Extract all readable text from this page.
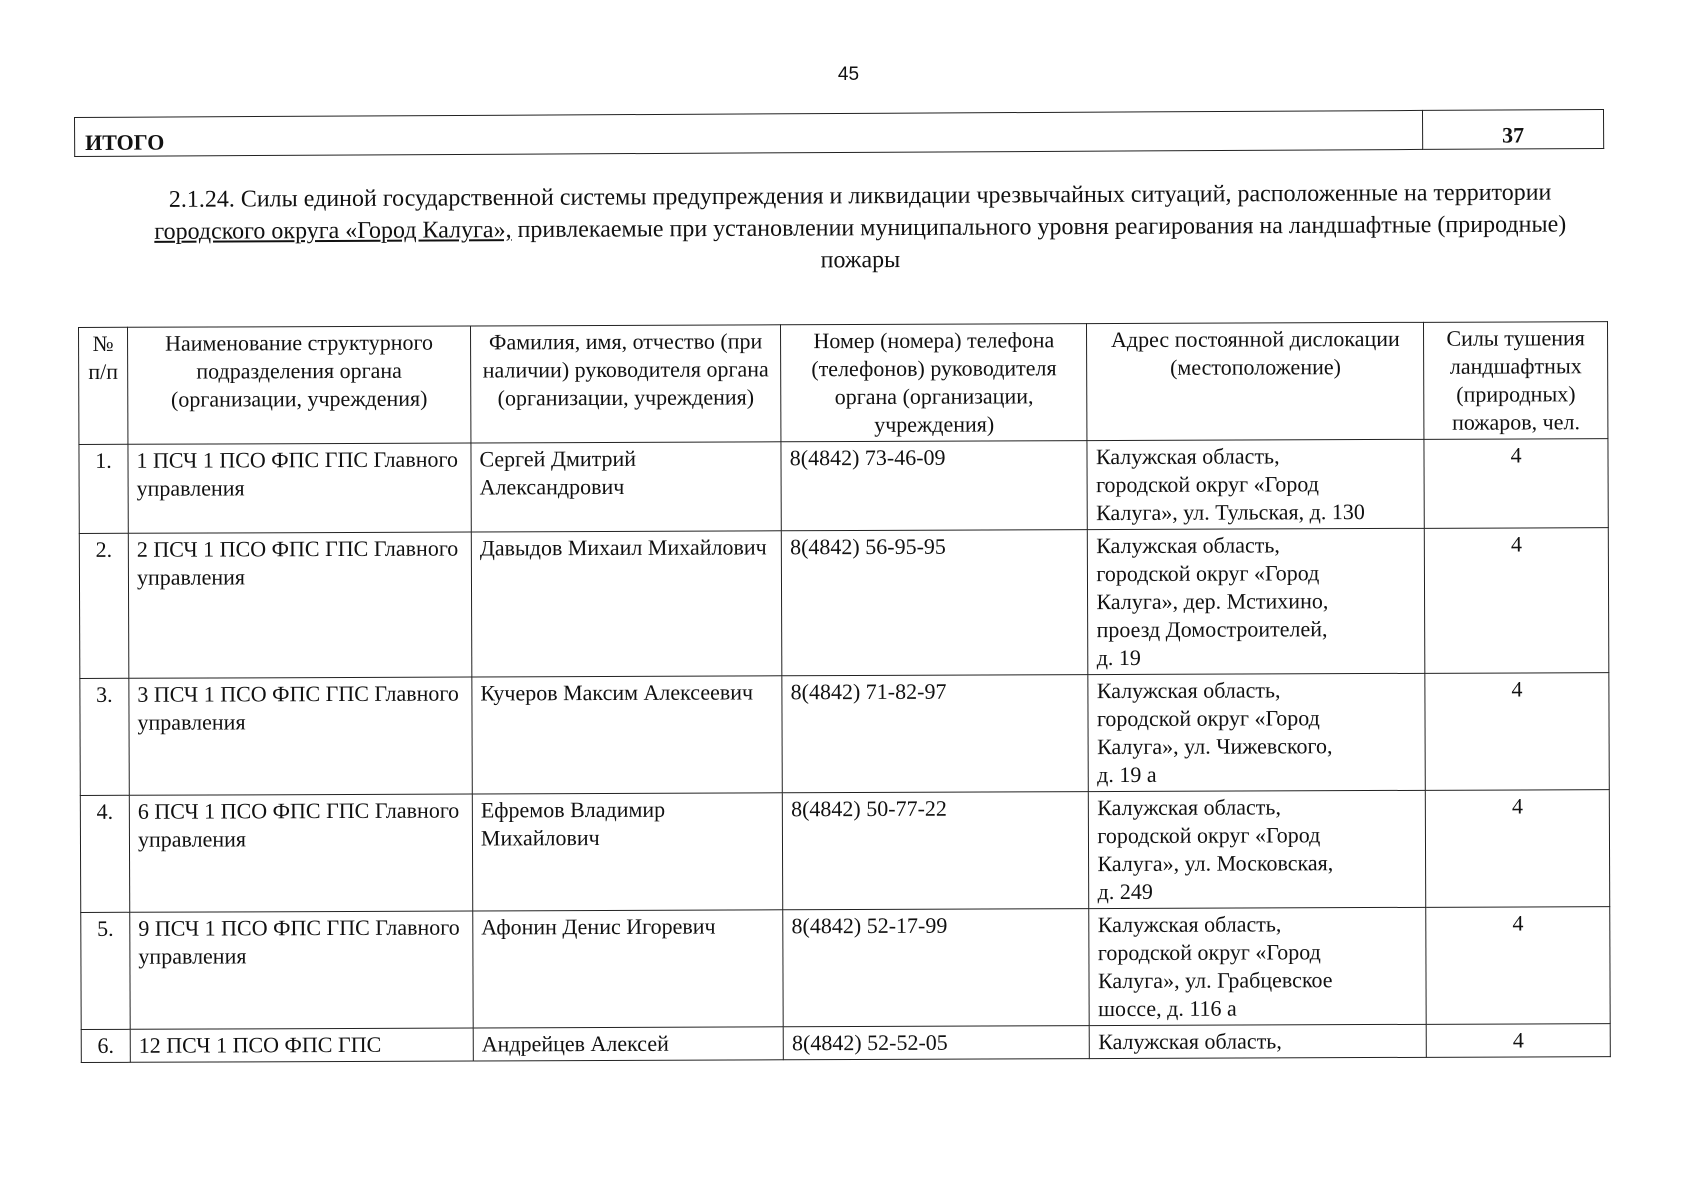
45
ИТОГО	37
2.1.24. Силы единой государственной системы предупреждения и ликвидации чрезвычайных ситуаций, расположенные на территории городского округа «Город Калуга», привлекаемые при установлении муниципального уровня реагирования на ландшафтные (природные) пожары
№ п/п	Наименование структурного подразделения органа (организации, учреждения)	Фамилия, имя, отчество (при наличии) руководителя органа (организации, учреждения)	Номер (номера) телефона (телефонов) руководителя органа (организации, учреждения)	Адрес постоянной дислокации (местоположение)	Силы тушения ландшафтных (природных) пожаров, чел.
1.	1 ПСЧ 1 ПСО ФПС ГПС Главного управления	Сергей Дмитрий Александрович	8(4842) 73-46-09	Калужская область,
городской округ «Город
Калуга», ул. Тульская, д. 130	4
2.	2 ПСЧ 1 ПСО ФПС ГПС Главного управления	Давыдов Михаил Михайлович	8(4842) 56-95-95	Калужская область,
городской округ «Город
Калуга», дер. Мстихино,
проезд Домостроителей,
д. 19	4
3.	3 ПСЧ 1 ПСО ФПС ГПС Главного управления	Кучеров Максим Алексеевич	8(4842) 71-82-97	Калужская область,
городской округ «Город
Калуга», ул. Чижевского,
д. 19 а	4
4.	6 ПСЧ 1 ПСО ФПС ГПС Главного управления	Ефремов Владимир Михайлович	8(4842) 50-77-22	Калужская область,
городской округ «Город
Калуга», ул. Московская,
д. 249	4
5.	9 ПСЧ 1 ПСО ФПС ГПС Главного управления	Афонин Денис Игоревич	8(4842) 52-17-99	Калужская область,
городской округ «Город
Калуга», ул. Грабцевское
шоссе, д. 116 а	4
6.	12 ПСЧ 1 ПСО ФПС ГПС	Андрейцев Алексей	8(4842) 52-52-05	Калужская область,	4
